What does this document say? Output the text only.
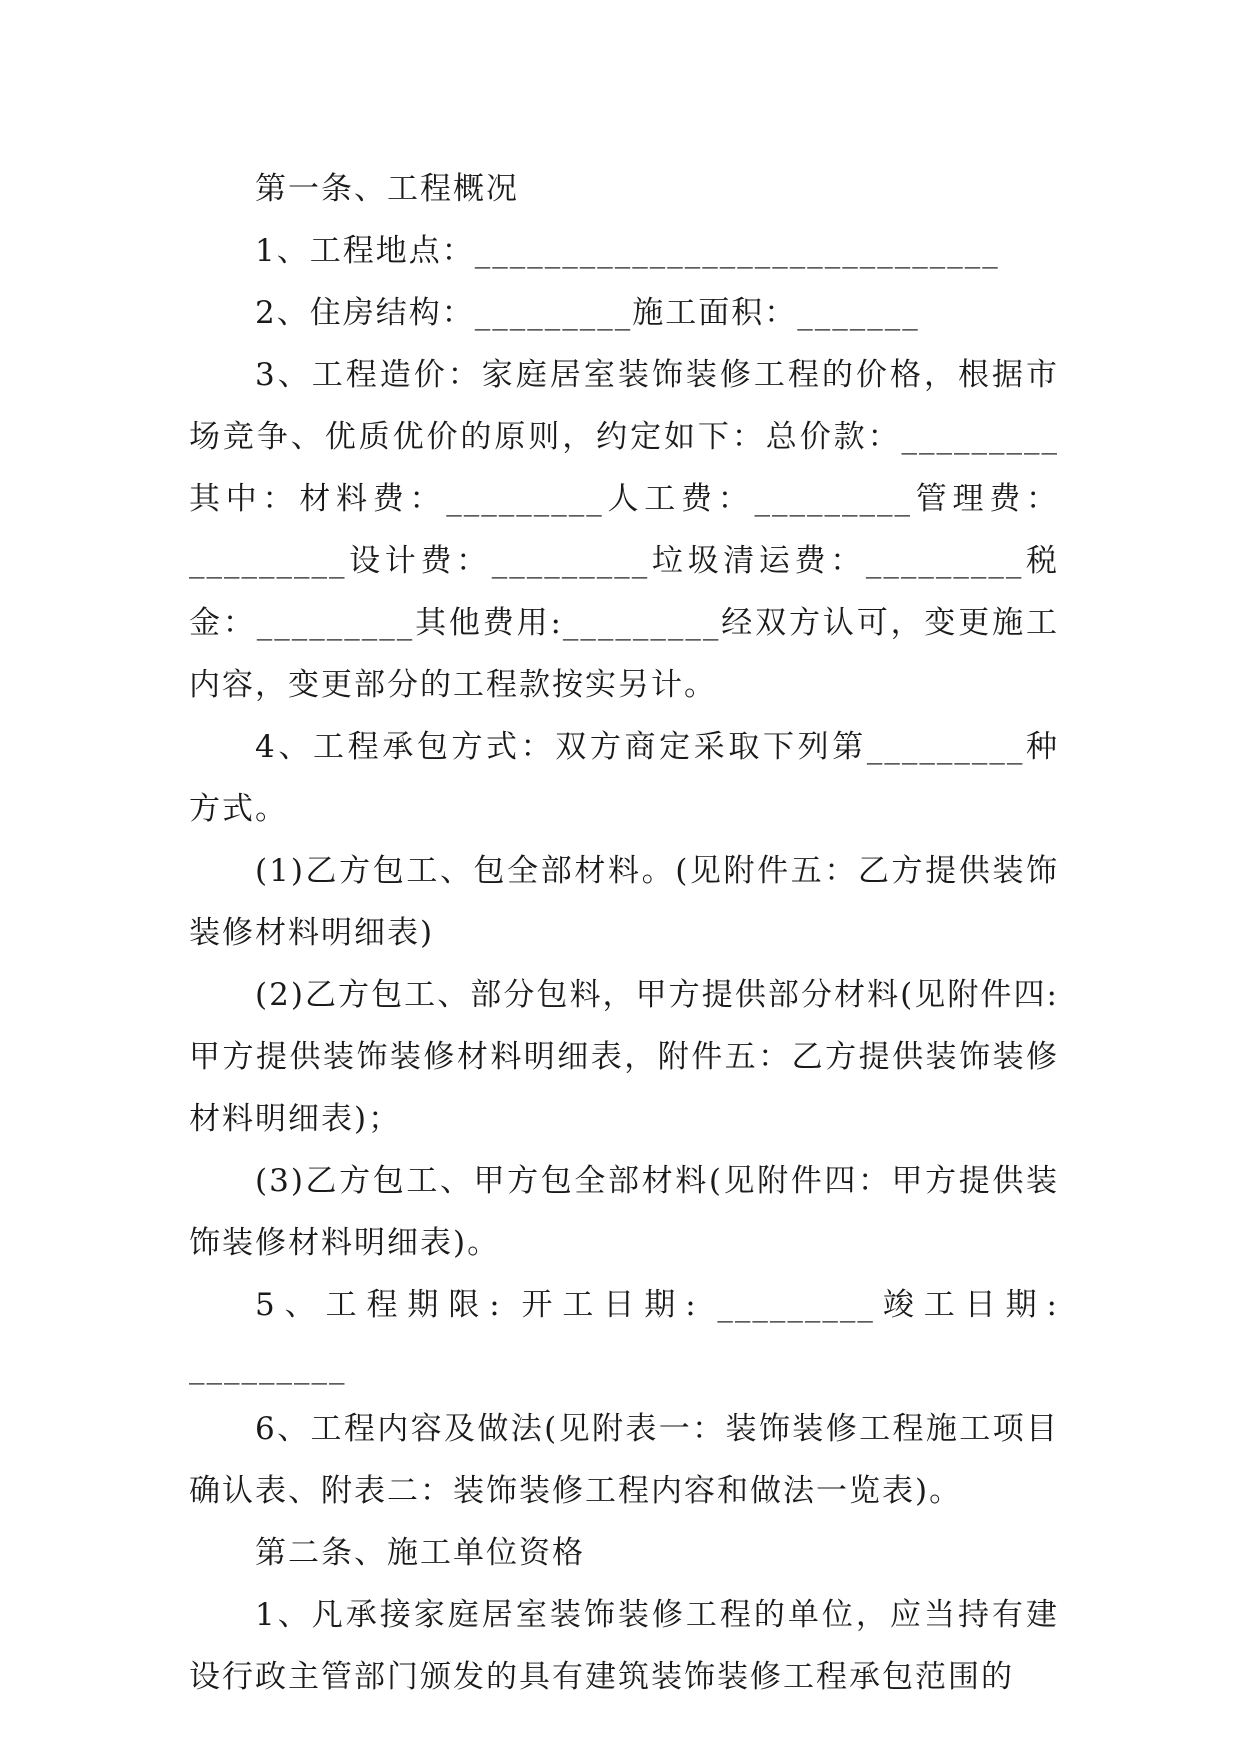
第一条、工程概况

1、工程地点：______________________________

2、住房结构：_________施工面积：_______

3、工程造价：家庭居室装饰装修工程的价格，根据市场竞争、优质优价的原则，约定如下：总价款：_________其中：材料费：_________人工费：_________管理费：_________设计费：_________垃圾清运费：_________税金：_________其他费用:_________经双方认可，变更施工内容，变更部分的工程款按实另计。

4、工程承包方式：双方商定采取下列第_________种方式。

(1)乙方包工、包全部材料。(见附件五：乙方提供装饰装修材料明细表)

(2)乙方包工、部分包料，甲方提供部分材料(见附件四:甲方提供装饰装修材料明细表，附件五：乙方提供装饰装修材料明细表)；

(3)乙方包工、甲方包全部材料(见附件四：甲方提供装饰装修材料明细表)。

5、工程期限: 开工日期: _________竣工日期: _________

6、工程内容及做法(见附表一：装饰装修工程施工项目确认表、附表二：装饰装修工程内容和做法一览表)。

第二条、施工单位资格

1、凡承接家庭居室装饰装修工程的单位，应当持有建设行政主管部门颁发的具有建筑装饰装修工程承包范围的
